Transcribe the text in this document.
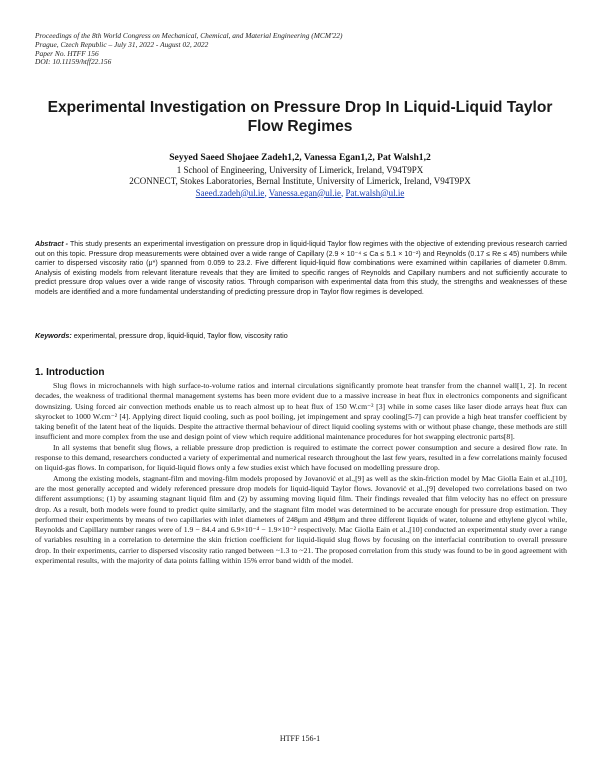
Proceedings of the 8th World Congress on Mechanical, Chemical, and Material Engineering (MCM'22)
Prague, Czech Republic – July 31, 2022 - August 02, 2022
Paper No. HTFF 156
DOI: 10.11159/htff22.156
Experimental Investigation on Pressure Drop In Liquid-Liquid Taylor Flow Regimes
Seyyed Saeed Shojaee Zadeh1,2, Vanessa Egan1,2, Pat Walsh1,2
1 School of Engineering, University of Limerick, Ireland, V94T9PX
2CONNECT, Stokes Laboratories, Bernal Institute, University of Limerick, Ireland, V94T9PX
Saeed.zadeh@ul.ie, Vanessa.egan@ul.ie, Pat.walsh@ul.ie
Abstract - This study presents an experimental investigation on pressure drop in liquid-liquid Taylor flow regimes with the objective of extending previous research carried out on this topic. Pressure drop measurements were obtained over a wide range of Capillary (2.9 × 10⁻⁴ ≤ Ca ≤ 5.1 × 10⁻²) and Reynolds (0.17 ≤ Re ≤ 45) numbers while carrier to dispersed viscosity ratio (μ*) spanned from 0.059 to 23.2. Five different liquid-liquid flow combinations were examined within capillaries of diameter 0.8mm. Analysis of existing models from relevant literature reveals that they are limited to specific ranges of Reynolds and Capillary numbers and not sufficiently accurate to predict pressure drop values over a wide range of viscosity ratios. Through comparison with experimental data from this study, the strengths and weaknesses of these models are identified and a more fundamental understanding of predicting pressure drop in Taylor flow regimes is developed.
Keywords: experimental, pressure drop, liquid-liquid, Taylor flow, viscosity ratio
1. Introduction

Slug flows in microchannels with high surface-to-volume ratios and internal circulations significantly promote heat transfer from the channel wall[1, 2]. In recent decades, the weakness of traditional thermal management systems has been more evident due to a massive increase in heat flux in electronics components and significant downsizing. Using forced air convection methods enable us to reach almost up to heat flux of 150 W.cm⁻² [3] while in some cases like laser diode arrays heat flux can skyrocket to 1000 W.cm⁻² [4]. Applying direct liquid cooling, such as pool boiling, jet impingement and spray cooling[5-7] can provide a high heat transfer coefficient by taking benefit of the latent heat of the liquids. Despite the attractive thermal behaviour of direct liquid cooling systems with or without phase change, these methods are still insufficient and more complex from the use and design point of view which require additional maintenance procedures for hot swapping electronic parts[8].

In all systems that benefit slug flows, a reliable pressure drop prediction is required to estimate the correct power consumption and secure a desired flow rate. In response to this demand, researchers conducted a variety of experimental and numerical research throughout the last few years, resulted in a few correlations mainly focused on liquid-gas flows. In comparison, for liquid-liquid flows only a few studies exist which have focused on modelling pressure drop.

Among the existing models, stagnant-film and moving-film models proposed by Jovanović et al.,[9] as well as the skin-friction model by Mac Giolla Eain et al.,[10], are the most generally accepted and widely referenced pressure drop models for liquid-liquid Taylor flows. Jovanović et al.,[9] developed two correlations based on two different assumptions; (1) by assuming stagnant liquid film and (2) by assuming moving liquid film. Their findings revealed that film velocity has no effect on pressure drop. As a result, both models were found to predict quite similarly, and the stagnant film model was determined to be accurate enough for pressure drop estimation. They performed their experiments by means of two capillaries with inlet diameters of 248μm and 498μm and three different liquids of water, toluene and ethylene glycol while, Reynolds and Capillary number ranges were of 1.9 − 84.4 and 6.9×10⁻⁴ − 1.9×10⁻² respectively. Mac Giolla Eain et al.,[10] conducted an experimental study over a range of variables resulting in a correlation to determine the skin friction coefficient for liquid-liquid slug flows by focusing on the interfacial contribution to overall pressure drop. In their experiments, carrier to dispersed viscosity ratio ranged between ~1.3 to ~21. The proposed correlation from this study was found to be in good agreement with experimental results, with the majority of data points falling within 15% error band width of the model.

HTFF 156-1
